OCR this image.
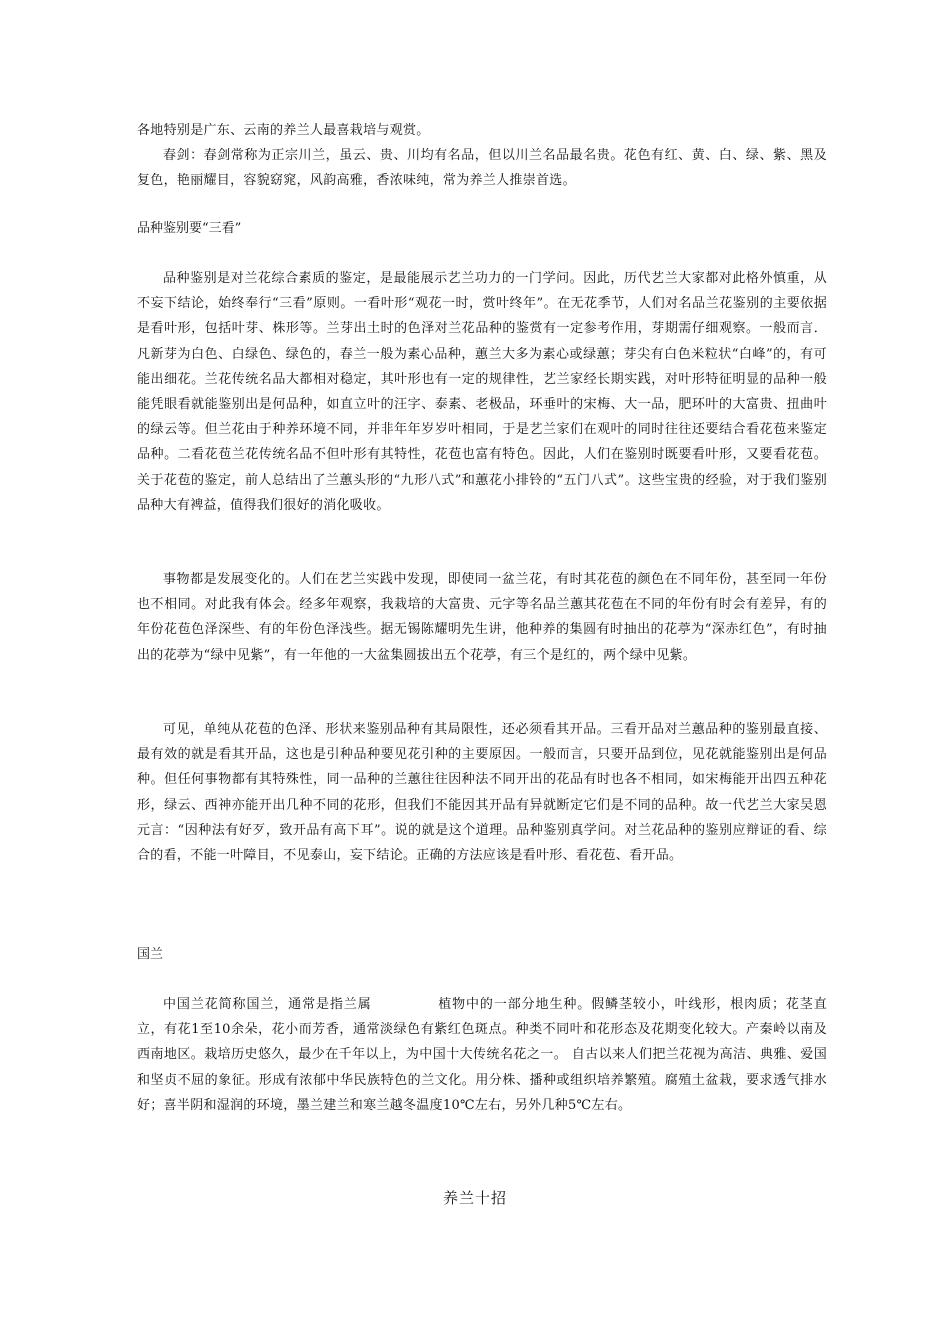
各地特别是广东、云南的养兰人最喜栽培与观赏。

春剑：春剑常称为正宗川兰，虽云、贵、川均有名品，但以川兰名品最名贵。花色有红、黄、白、绿、紫、黑及复色，艳丽耀目，容貌窈窕，风韵高雅，香浓味纯，常为养兰人推崇首选。

品种鉴别要“三看”

品种鉴别是对兰花综合素质的鉴定，是最能展示艺兰功力的一门学问。因此，历代艺兰大家都对此格外慎重，从不妄下结论，始终奉行“三看”原则。一看叶形“观花一时，赏叶终年”。在无花季节，人们对名品兰花鉴别的主要依据是看叶形，包括叶芽、株形等。兰芽出土时的色泽对兰花品种的鉴赏有一定参考作用，芽期需仔细观察。一般而言．凡新芽为白色、白绿色、绿色的，春兰一般为素心品种，蕙兰大多为素心或绿蕙；芽尖有白色米粒状“白峰”的，有可能出细花。兰花传统名品大都相对稳定，其叶形也有一定的规律性，艺兰家经长期实践，对叶形特征明显的品种一般能凭眼看就能鉴别出是何品种，如直立叶的汪字、泰素、老极品，环垂叶的宋梅、大一品，肥环叶的大富贵、扭曲叶的绿云等。但兰花由于种养环境不同，并非年年岁岁叶相同，于是艺兰家们在观叶的同时往往还要结合看花苞来鉴定品种。二看花苞兰花传统名品不但叶形有其特性，花苞也富有特色。因此，人们在鉴别时既要看叶形，又要看花苞。关于花苞的鉴定，前人总结出了兰蕙头形的“九形八式”和蕙花小排铃的“五门八式”。这些宝贵的经验，对于我们鉴别品种大有裨益，值得我们很好的消化吸收。

事物都是发展变化的。人们在艺兰实践中发现，即使同一盆兰花，有时其花苞的颜色在不同年份，甚至同一年份也不相同。对此我有体会。经多年观察，我栽培的大富贵、元字等名品兰蕙其花苞在不同的年份有时会有差异，有的年份花苞色泽深些、有的年份色泽浅些。据无锡陈耀明先生讲，他种养的集圆有时抽出的花葶为“深赤红色”，有时抽出的花葶为“绿中见紫”，有一年他的一大盆集圆拔出五个花葶，有三个是红的，两个绿中见紫。

可见，单纯从花苞的色泽、形状来鉴别品种有其局限性，还必须看其开品。三看开品对兰蕙品种的鉴别最直接、最有效的就是看其开品，这也是引种品种要见花引种的主要原因。一般而言，只要开品到位，见花就能鉴别出是何品种。但任何事物都有其特殊性，同一品种的兰蕙往往因种法不同开出的花品有时也各不相同，如宋梅能开出四五种花形，绿云、西神亦能开出几种不同的花形，但我们不能因其开品有异就断定它们是不同的品种。故一代艺兰大家吴恩元言：“因种法有好歹，致开品有高下耳”。说的就是这个道理。品种鉴别真学问。对兰花品种的鉴别应辩证的看、综合的看，不能一叶障目，不见泰山，妄下结论。正确的方法应该是看叶形、看花苞、看开品。

国兰

中国兰花简称国兰，通常是指兰属	植物中的一部分地生种。假鳞茎较小，叶线形，根肉质；花茎直立，有花1至10余朵，花小而芳香，通常淡绿色有紫红色斑点。种类不同叶和花形态及花期变化较大。产秦岭以南及西南地区。栽培历史悠久，最少在千年以上，为中国十大传统名花之一。 自古以来人们把兰花视为高洁、典雅、爱国和坚贞不屈的象征。形成有浓郁中华民族特色的兰文化。用分株、播种或组织培养繁殖。腐殖土盆栽，要求透气排水好；喜半阴和湿润的环境，墨兰建兰和寒兰越冬温度10℃左右，另外几种5℃左右。

养兰十招
